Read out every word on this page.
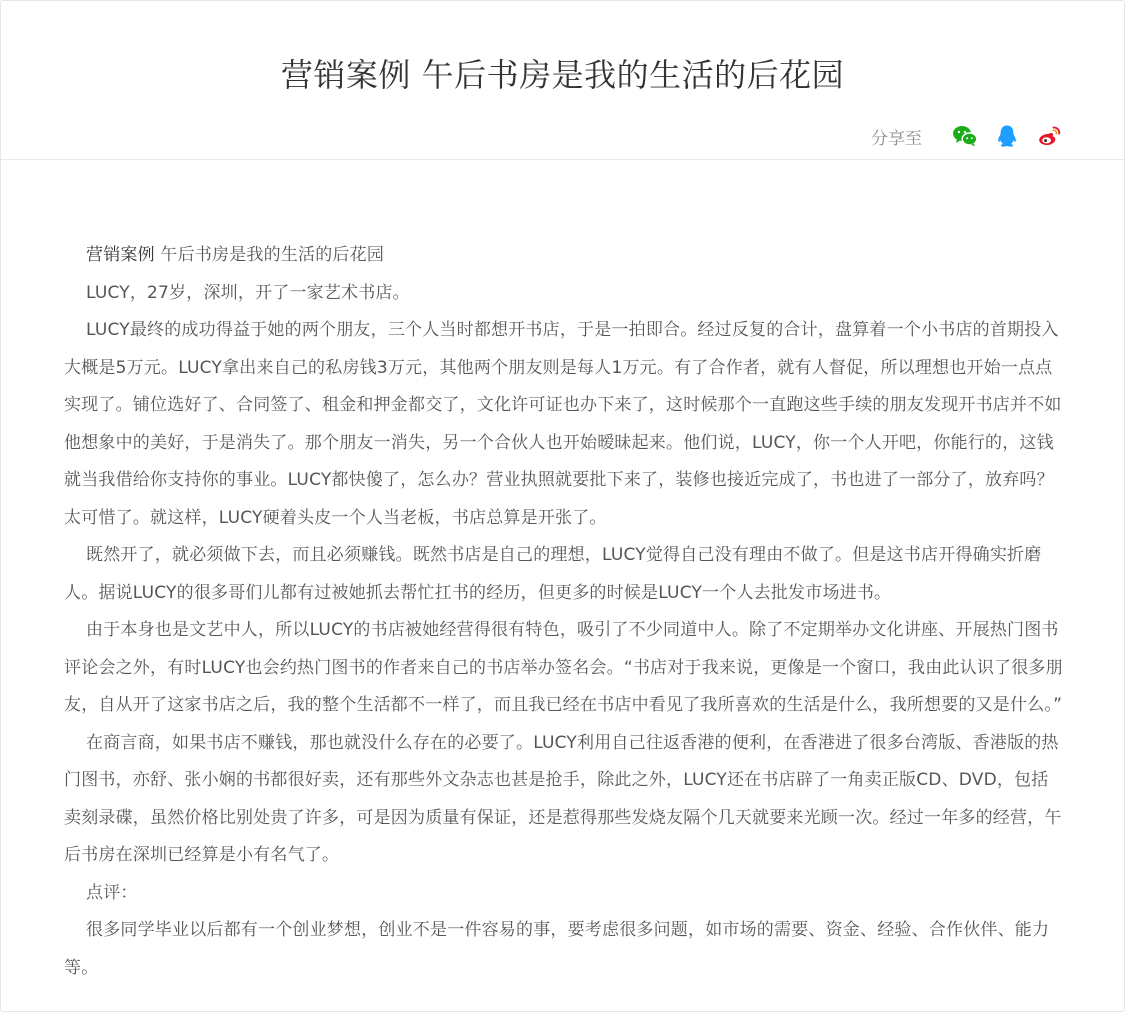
营销案例 午后书房是我的生活的后花园
分享至

营销案例 午后书房是我的生活的后花园

LUCY，27岁，深圳，开了一家艺术书店。

LUCY最终的成功得益于她的两个朋友，三个人当时都想开书店，于是一拍即合。经过反复的合计，盘算着一个小书店的首期投入大概是5万元。LUCY拿出来自己的私房钱3万元，其他两个朋友则是每人1万元。有了合作者，就有人督促，所以理想也开始一点点实现了。铺位选好了、合同签了、租金和押金都交了，文化许可证也办下来了，这时候那个一直跑这些手续的朋友发现开书店并不如他想象中的美好，于是消失了。那个朋友一消失，另一个合伙人也开始暧昧起来。他们说，LUCY，你一个人开吧，你能行的，这钱就当我借给你支持你的事业。LUCY都快傻了，怎么办？营业执照就要批下来了，装修也接近完成了，书也进了一部分了，放弃吗？太可惜了。就这样，LUCY硬着头皮一个人当老板，书店总算是开张了。

既然开了，就必须做下去，而且必须赚钱。既然书店是自己的理想，LUCY觉得自己没有理由不做了。但是这书店开得确实折磨人。据说LUCY的很多哥们儿都有过被她抓去帮忙扛书的经历，但更多的时候是LUCY一个人去批发市场进书。

由于本身也是文艺中人，所以LUCY的书店被她经营得很有特色，吸引了不少同道中人。除了不定期举办文化讲座、开展热门图书评论会之外，有时LUCY也会约热门图书的作者来自己的书店举办签名会。“书店对于我来说，更像是一个窗口，我由此认识了很多朋友，自从开了这家书店之后，我的整个生活都不一样了，而且我已经在书店中看见了我所喜欢的生活是什么，我所想要的又是什么。”

在商言商，如果书店不赚钱，那也就没什么存在的必要了。LUCY利用自己往返香港的便利，在香港进了很多台湾版、香港版的热门图书，亦舒、张小娴的书都很好卖，还有那些外文杂志也甚是抢手，除此之外，LUCY还在书店辟了一角卖正版CD、DVD，包括卖刻录碟，虽然价格比别处贵了许多，可是因为质量有保证，还是惹得那些发烧友隔个几天就要来光顾一次。经过一年多的经营，午后书房在深圳已经算是小有名气了。

点评：

很多同学毕业以后都有一个创业梦想，创业不是一件容易的事，要考虑很多问题，如市场的需要、资金、经验、合作伙伴、能力等。
